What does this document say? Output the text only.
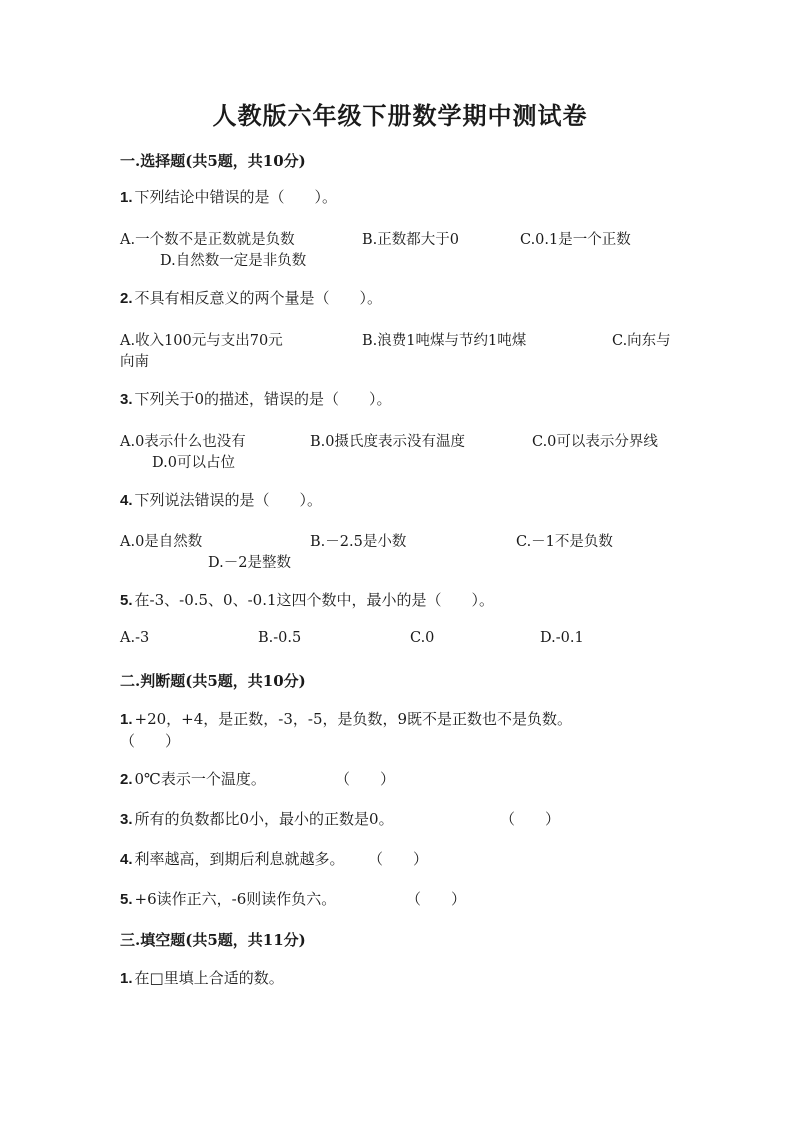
人教版六年级下册数学期中测试卷
一.选择题(共5题，共10分)
1. 下列结论中错误的是（　　）。
A.一个数不是正数就是负数	B.正数都大于0	C.0.1是一个正数
D.自然数一定是非负数
2. 不具有相反意义的两个量是（　　）。
A.收入100元与支出70元	B.浪费1吨煤与节约1吨煤	C.向东与
向南
3. 下列关于0的描述，错误的是（　　）。
A.0表示什么也没有	B.0摄氏度表示没有温度	C.0可以表示分界线
D.0可以占位
4. 下列说法错误的是（　　）。
A.0是自然数	B.－2.5是小数	C.－1不是负数
D.－2是整数
5. 在-3、-0.5、0、-0.1这四个数中，最小的是（　　）。
A.-3	B.-0.5	C.0	D.-0.1
二.判断题(共5题，共10分)
1. +20，+4，是正数，-3，-5，是负数，9既不是正数也不是负数。
（　　）
2. 0℃表示一个温度。	（　　）
3. 所有的负数都比0小，最小的正数是0。	（　　）
4. 利率越高，到期后利息就越多。	（　　）
5. +6读作正六，-6则读作负六。	（　　）
三.填空题(共5题，共11分)
1. 在□里填上合适的数。
